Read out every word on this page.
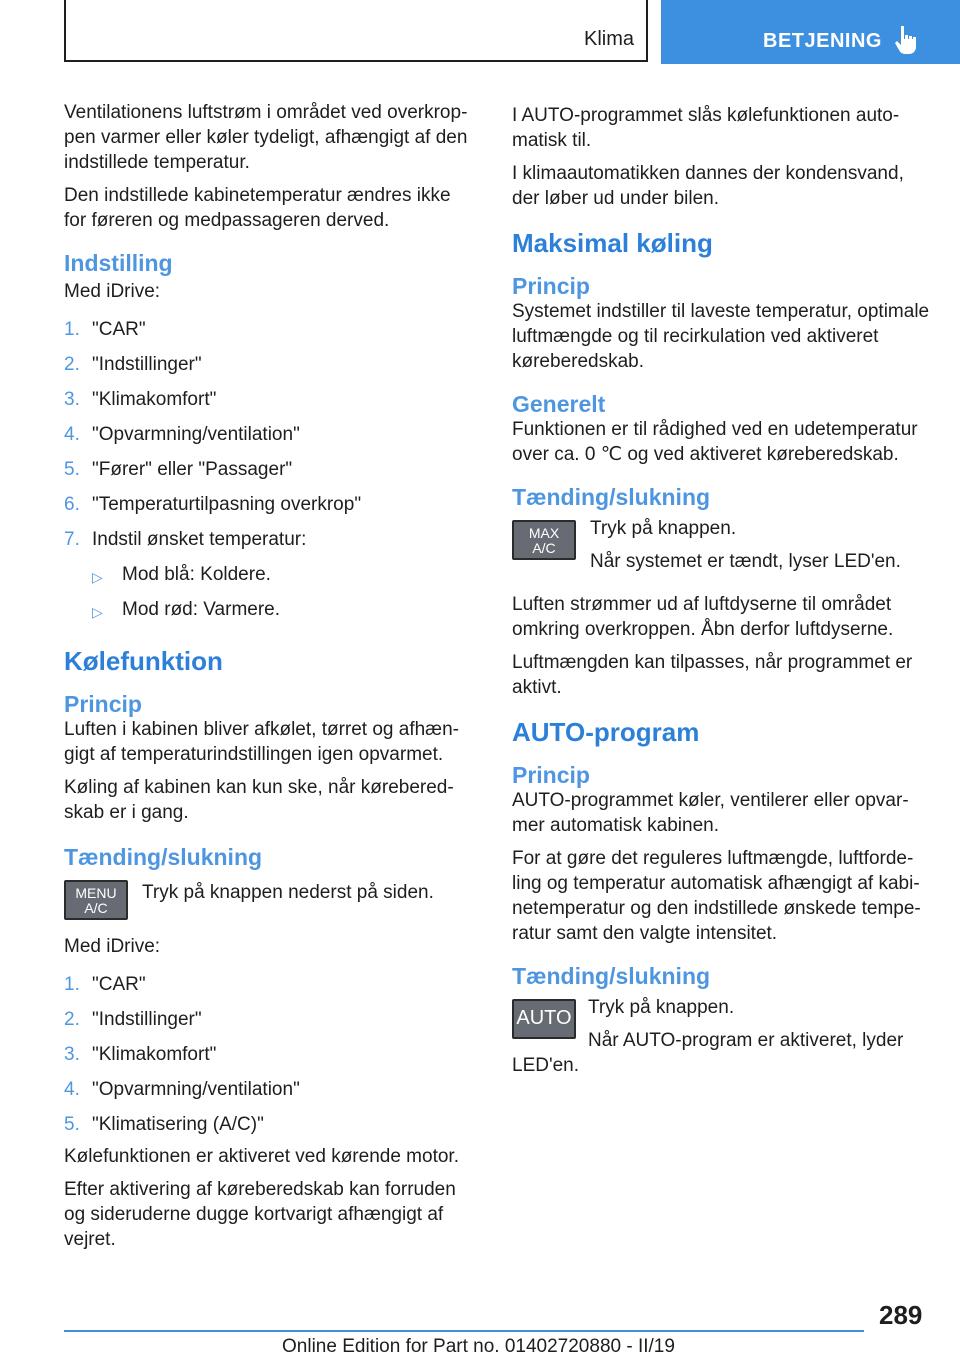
Klima	BETJENING

Ventilationens luftstrøm i området ved overkroppen varmer eller køler tydeligt, afhængigt af den indstillede temperatur.

Den indstillede kabinetemperatur ændres ikke for føreren og medpassageren derved.

Indstilling

Med iDrive:

1. "CAR"
2. "Indstillinger"
3. "Klimakomfort"
4. "Opvarmning/ventilation"
5. "Fører" eller "Passager"
6. "Temperaturtilpasning overkrop"
7. Indstil ønsket temperatur:
▷	Mod blå: Koldere.
▷	Mod rød: Varmere.
Kølefunktion
Princip

Luften i kabinen bliver afkølet, tørret og afhængigt af temperaturindstillingen igen opvarmet.

Køling af kabinen kan kun ske, når køreberedskab er i gang.

Tænding/slukning
MENU
A/C
Tryk på knappen nederst på siden.

Med iDrive:

1. "CAR"
2. "Indstillinger"
3. "Klimakomfort"
4. "Opvarmning/ventilation"
5. "Klimatisering (A/C)"

Kølefunktionen er aktiveret ved kørende motor.

Efter aktivering af køreberedskab kan forruden og sideruderne dugge kortvarigt afhængigt af vejret.

I AUTO-programmet slås kølefunktionen automatisk til.

I klimaautomatikken dannes der kondensvand, der løber ud under bilen.

Maksimal køling
Princip

Systemet indstiller til laveste temperatur, optimale luftmængde og til recirkulation ved aktiveret køreberedskab.

Generelt

Funktionen er til rådighed ved en udetemperatur over ca. 0 ℃ og ved aktiveret køreberedskab.

Tænding/slukning
MAX
A/C

Tryk på knappen.

Når systemet er tændt, lyser LED'en.

Luften strømmer ud af luftdyserne til området omkring overkroppen. Åbn derfor luftdyserne.

Luftmængden kan tilpasses, når programmet er aktivt.

AUTO-program
Princip

AUTO-programmet køler, ventilerer eller opvarmer automatisk kabinen.

For at gøre det reguleres luftmængde, luftfordeling og temperatur automatisk afhængigt af kabinetemperatur og den indstillede ønskede temperatur samt den valgte intensitet.

Tænding/slukning
AUTO Tryk på knappen.

Når AUTO-program er aktiveret, lyder LED'en.

289
Online Edition for Part no. 01402720880 - II/19
